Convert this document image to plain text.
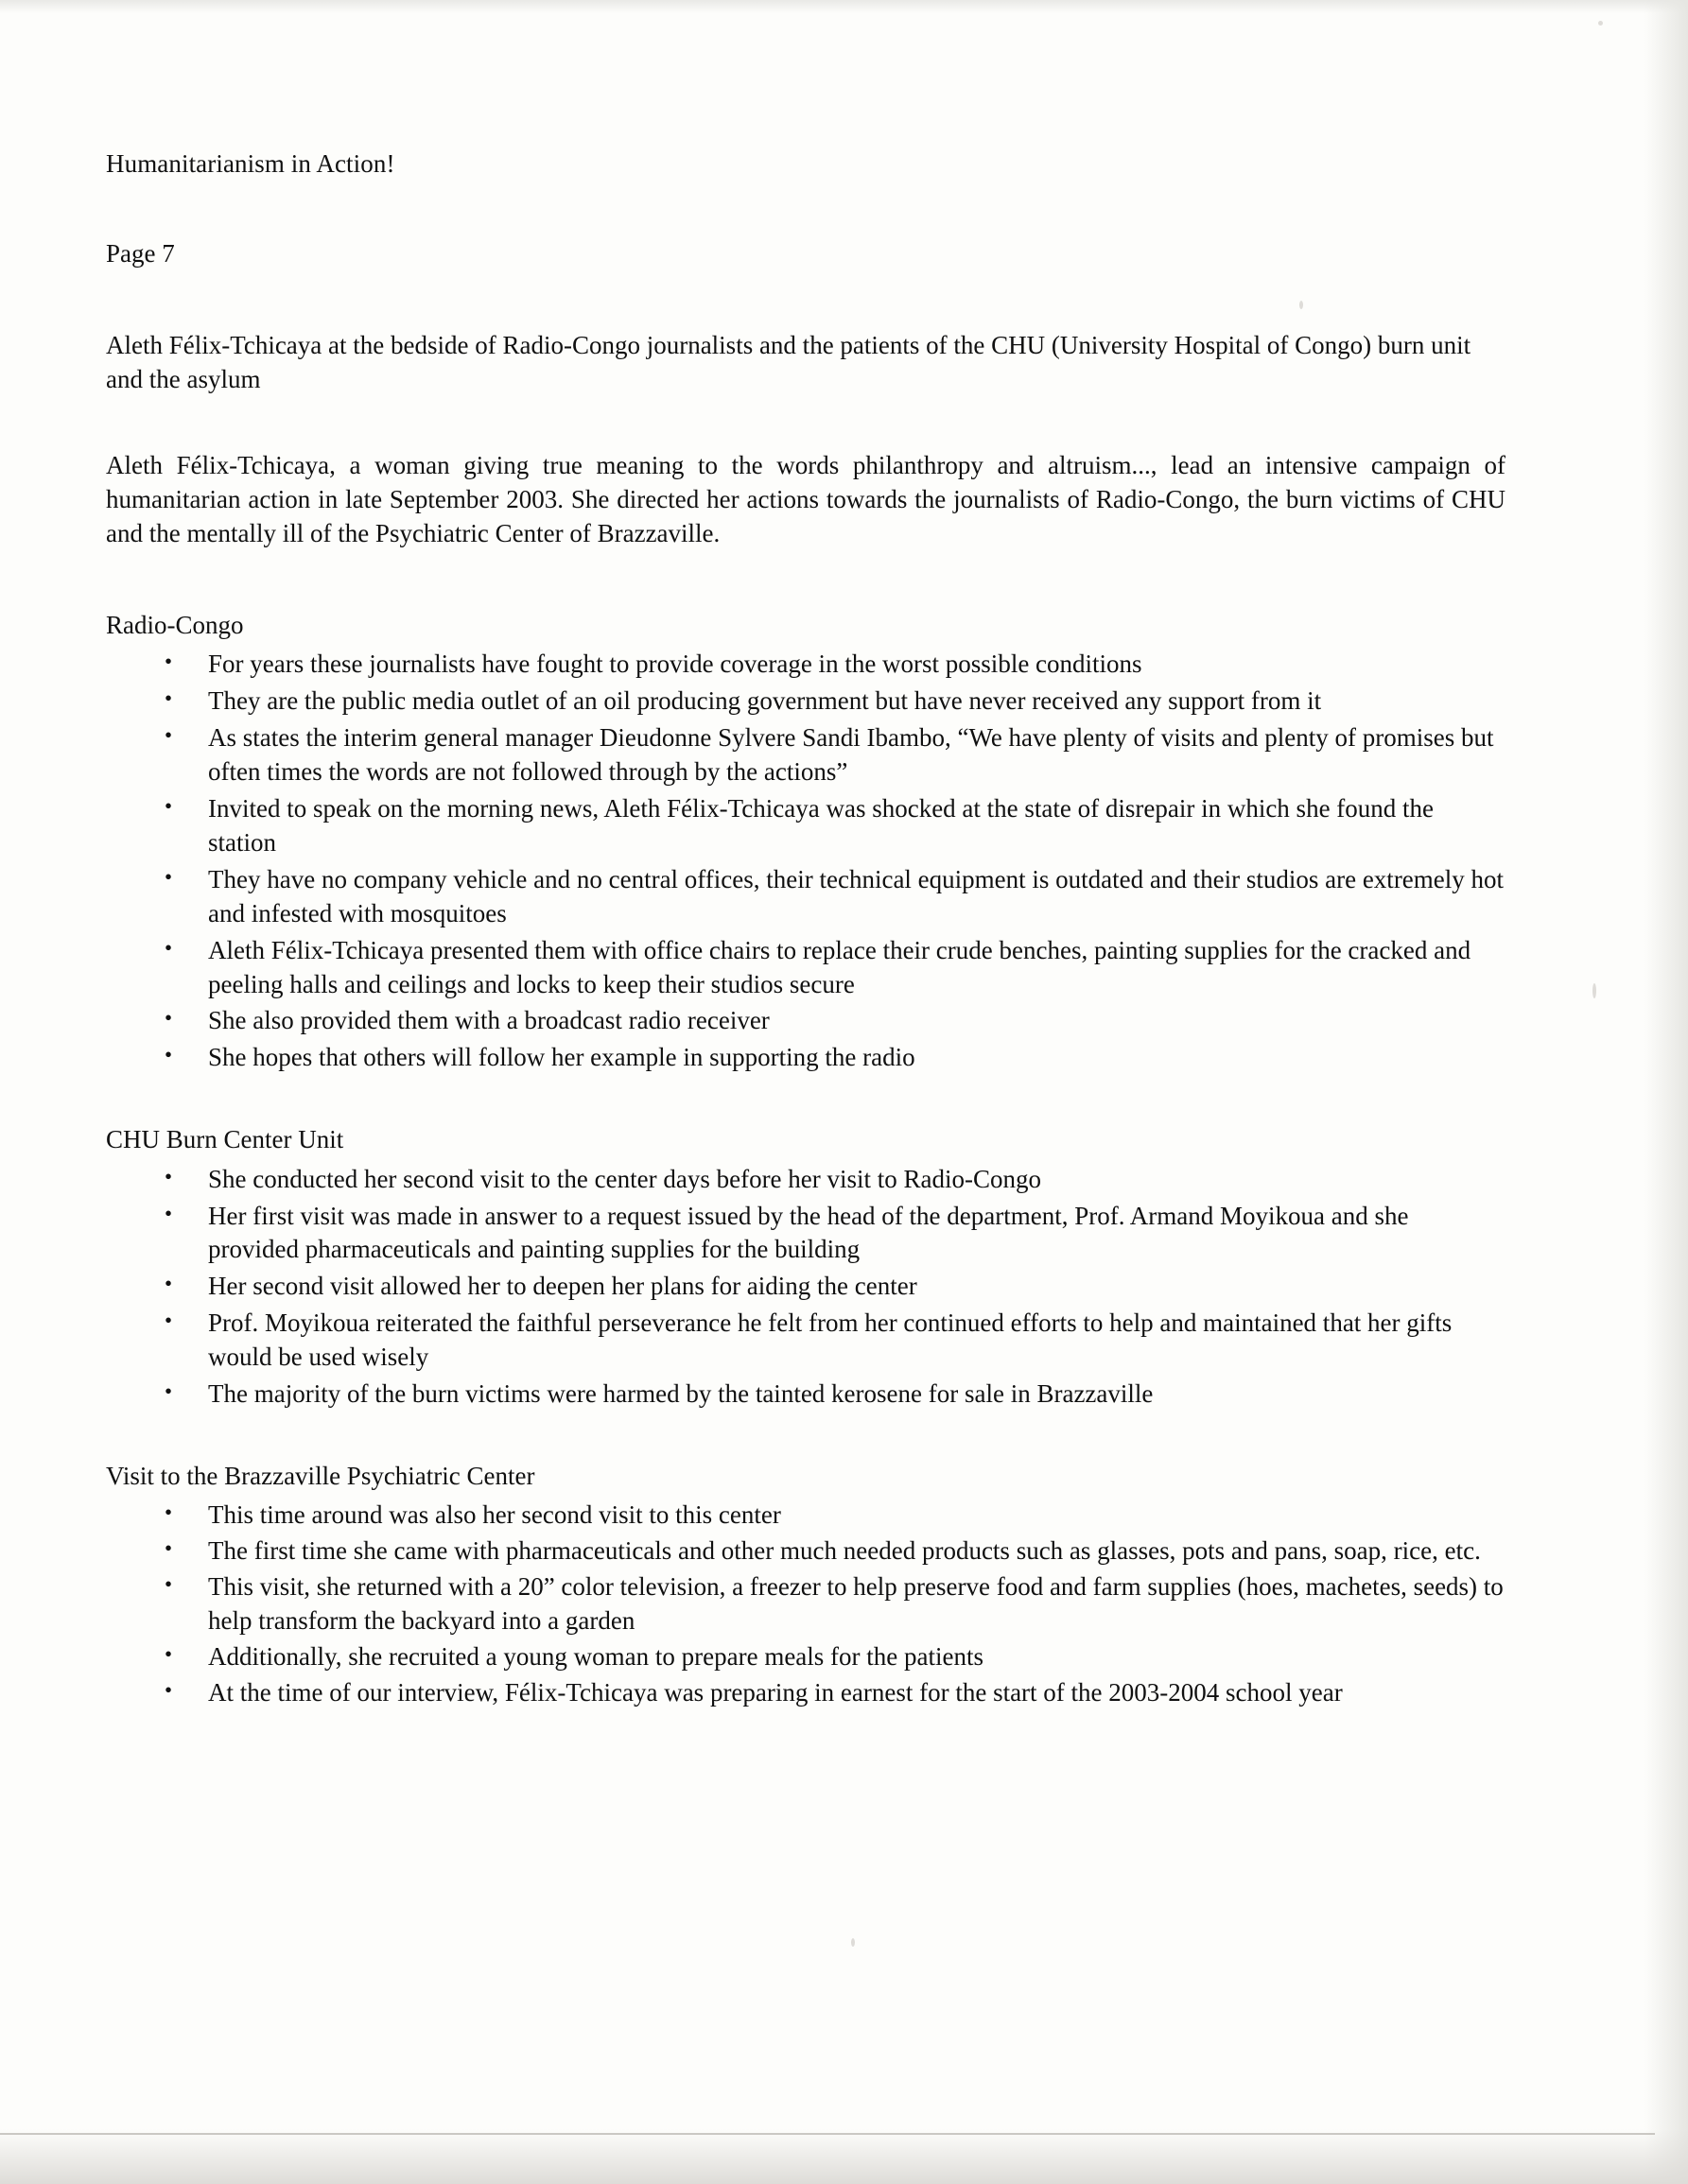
Humanitarianism in Action!

Page 7

Aleth Félix-Tchicaya at the bedside of Radio-Congo journalists and the patients of the CHU (University Hospital of Congo) burn unit and the asylum

Aleth Félix-Tchicaya, a woman giving true meaning to the words philanthropy and altruism..., lead an intensive campaign of humanitarian action in late September 2003. She directed her actions towards the journalists of Radio-Congo, the burn victims of CHU and the mentally ill of the Psychiatric Center of Brazzaville.

Radio-Congo

• For years these journalists have fought to provide coverage in the worst possible conditions
• They are the public media outlet of an oil producing government but have never received any support from it
• As states the interim general manager Dieudonne Sylvere Sandi Ibambo, “We have plenty of visits and plenty of promises but often times the words are not followed through by the actions”
• Invited to speak on the morning news, Aleth Félix-Tchicaya was shocked at the state of disrepair in which she found the station
• They have no company vehicle and no central offices, their technical equipment is outdated and their studios are extremely hot and infested with mosquitoes
• Aleth Félix-Tchicaya presented them with office chairs to replace their crude benches, painting supplies for the cracked and peeling halls and ceilings and locks to keep their studios secure
• She also provided them with a broadcast radio receiver
• She hopes that others will follow her example in supporting the radio

CHU Burn Center Unit

• She conducted her second visit to the center days before her visit to Radio-Congo
• Her first visit was made in answer to a request issued by the head of the department, Prof. Armand Moyikoua and she provided pharmaceuticals and painting supplies for the building
• Her second visit allowed her to deepen her plans for aiding the center
• Prof. Moyikoua reiterated the faithful perseverance he felt from her continued efforts to help and maintained that her gifts would be used wisely
• The majority of the burn victims were harmed by the tainted kerosene for sale in Brazzaville

Visit to the Brazzaville Psychiatric Center

• This time around was also her second visit to this center
• The first time she came with pharmaceuticals and other much needed products such as glasses, pots and pans, soap, rice, etc.
• This visit, she returned with a 20” color television, a freezer to help preserve food and farm supplies (hoes, machetes, seeds) to help transform the backyard into a garden
• Additionally, she recruited a young woman to prepare meals for the patients
• At the time of our interview, Félix-Tchicaya was preparing in earnest for the start of the 2003-2004 school year
